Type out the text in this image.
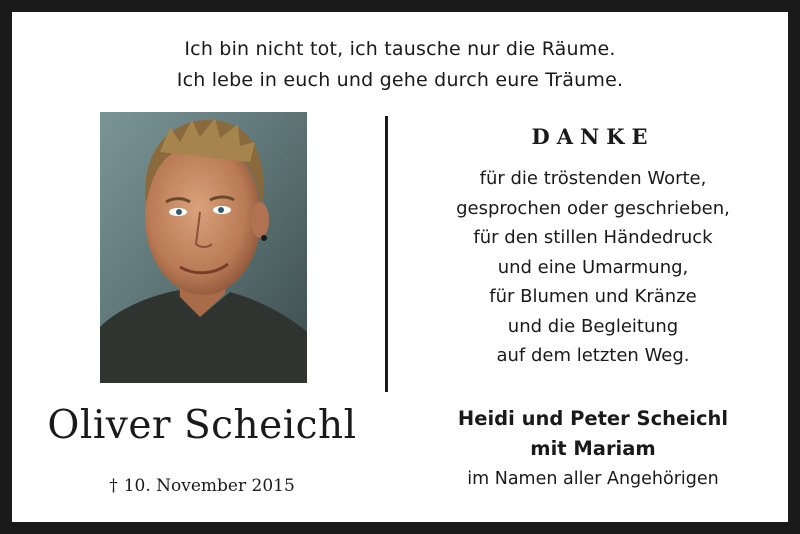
Ich bin nicht tot, ich tausche nur die Räume.
Ich lebe in euch und gehe durch eure Träume.
Oliver Scheichl
† 10. November 2015
DANKE
für die tröstenden Worte,
gesprochen oder geschrieben,
für den stillen Händedruck
und eine Umarmung,
für Blumen und Kränze
und die Begleitung
auf dem letzten Weg.
Heidi und Peter Scheichl
mit Mariam
im Namen aller Angehörigen
